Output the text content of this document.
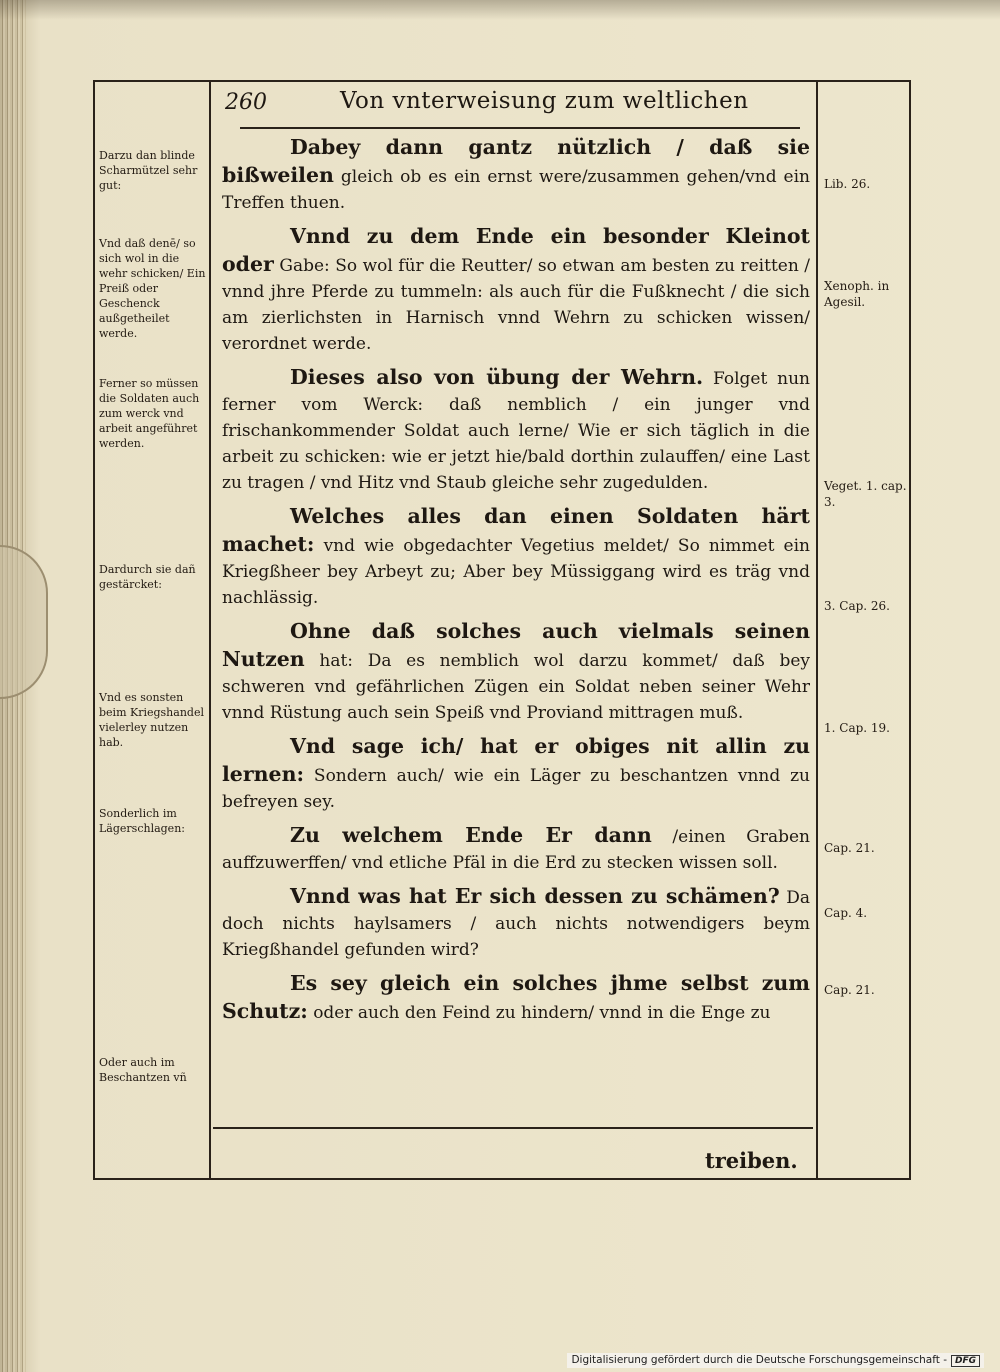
260	Von vnterweisung zum weltlichen

Dabey dann gantz nützlich / daß sie bißweilen gleich ob es ein ernst were/zusammen gehen/vnd ein Treffen thuen.

Vnnd zu dem Ende ein besonder Kleinot oder Gabe: So wol für die Reutter/ so etwan am besten zu reitten / vnnd jhre Pferde zu tummeln: als auch für die Fußknecht / die sich am zierlichsten in Harnisch vnnd Wehrn zu schicken wissen/ verordnet werde.

Dieses also von übung der Wehrn. Folget nun ferner vom Werck: daß nemblich / ein junger vnd frischankommender Soldat auch lerne/ Wie er sich täglich in die arbeit zu schicken: wie er jetzt hie/bald dorthin zulauffen/ eine Last zu tragen / vnd Hitz vnd Staub gleiche sehr zugedulden.

Welches alles dan einen Soldaten härt machet: vnd wie obgedachter Vegetius meldet/ So nimmet ein Kriegßheer bey Arbeyt zu; Aber bey Müssiggang wird es träg vnd nachlässig.

Ohne daß solches auch vielmals seinen Nutzen hat: Da es nemblich wol darzu kommet/ daß bey schweren vnd gefährlichen Zügen ein Soldat neben seiner Wehr vnnd Rüstung auch sein Speiß vnd Proviand mittragen muß.

Vnd sage ich/ hat er obiges nit allin zu lernen: Sondern auch/ wie ein Läger zu beschantzen vnnd zu befreyen sey.

Zu welchem Ende Er dann /einen Graben auffzuwerffen/ vnd etliche Pfäl in die Erd zu stecken wissen soll.

Vnnd was hat Er sich dessen zu schämen? Da doch nichts haylsamers / auch nichts notwendigers beym Kriegßhandel gefunden wird?

Es sey gleich ein solches jhme selbst zum Schutz: oder auch den Feind zu hindern/ vnnd in die Enge zu

treiben.
Darzu dan blinde Scharmützel sehr gut:
Vnd daß denē/ so sich wol in die wehr schicken/ Ein Preiß oder Geschenck außgetheilet werde.
Ferner so müssen die Soldaten auch zum werck vnd arbeit angeführet werden.
Dardurch sie dañ gestärcket:
Vnd es sonsten beim Kriegshandel vielerley nutzen hab.
Sonderlich im Lägerschlagen:
Oder auch im Beschantzen vñ
Lib. 26.
Xenoph. in Agesil.
Veget. 1. cap. 3.
3. Cap. 26.
1. Cap. 19.
Cap. 21.
Cap. 4.
Cap. 21.
Digitalisierung gefördert durch die Deutsche Forschungsgemeinschaft - DFG
